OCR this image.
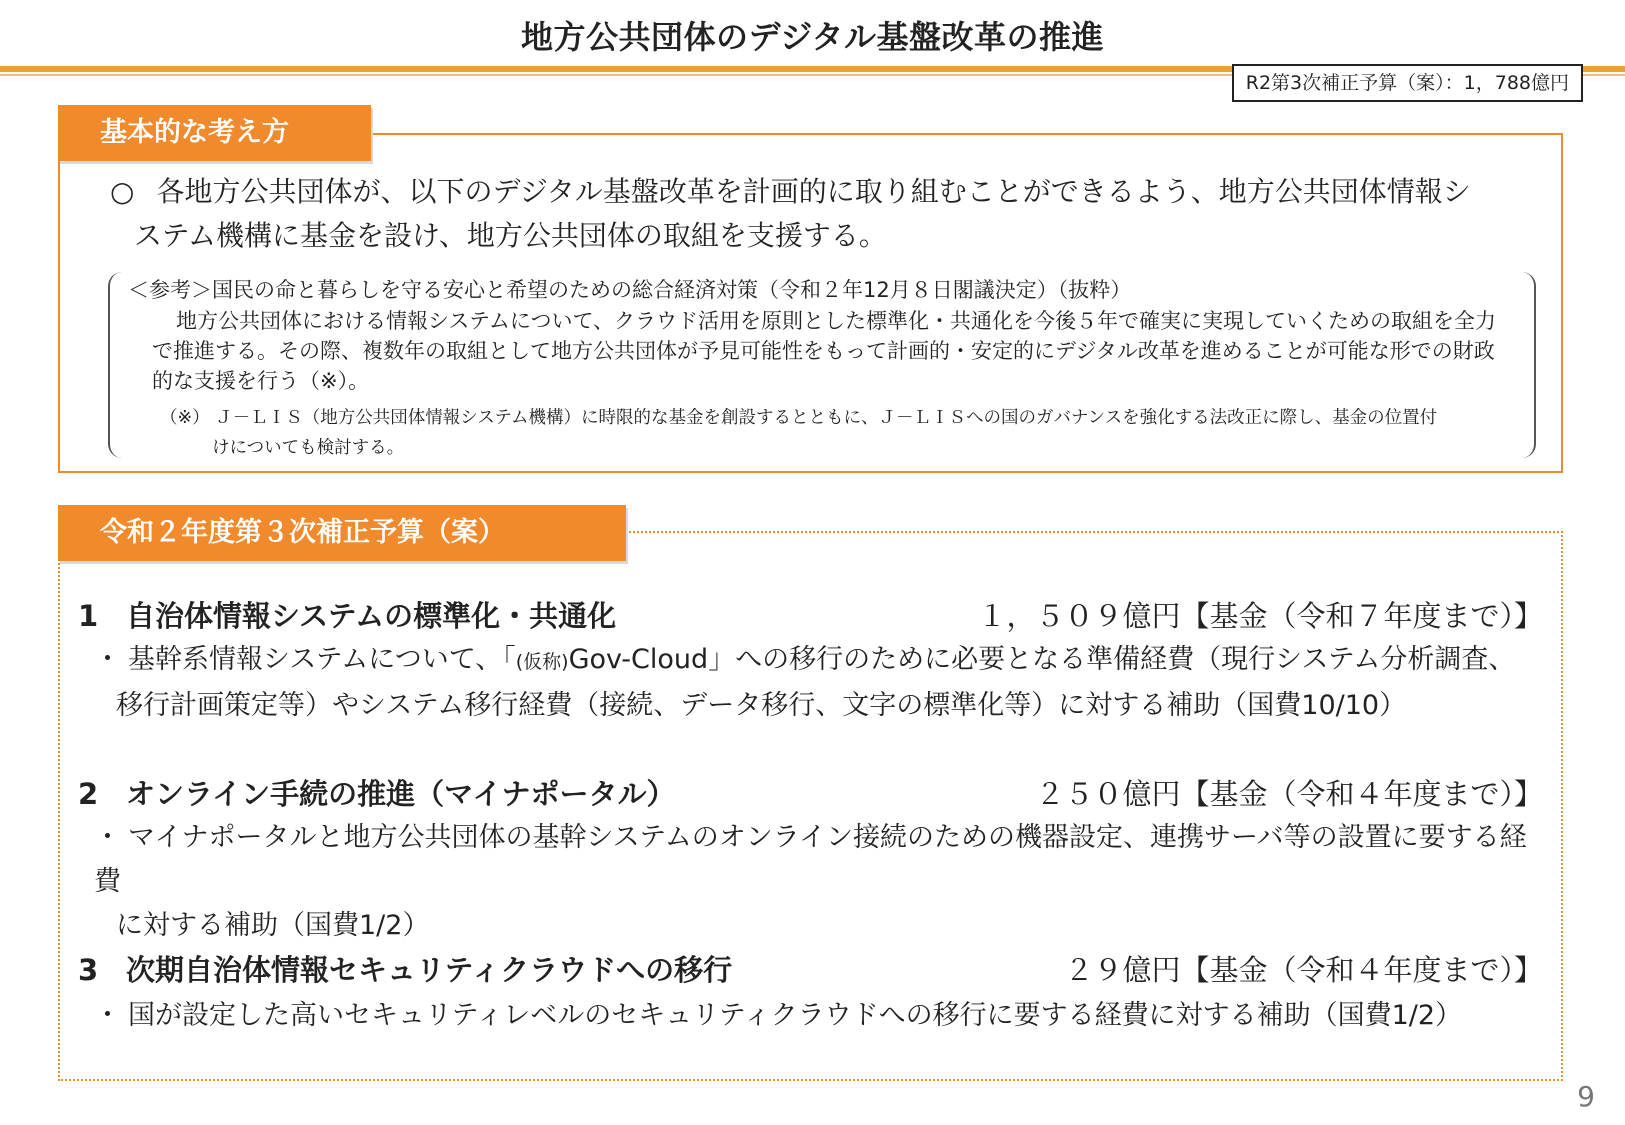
地方公共団体のデジタル基盤改革の推進
R2第3次補正予算（案）：1，788億円
基本的な考え方
○ 各地方公共団体が、以下のデジタル基盤改革を計画的に取り組むことができるよう、地方公共団体情報シ
ステム機構に基金を設け、地方公共団体の取組を支援する。
＜参考＞国民の命と暮らしを守る安心と希望のための総合経済対策（令和２年12月８日閣議決定）（抜粋）
地方公共団体における情報システムについて、クラウド活用を原則とした標準化・共通化を今後５年で確実に実現していくための取組を全力で推進する。その際、複数年の取組として地方公共団体が予見可能性をもって計画的・安定的にデジタル改革を進めることが可能な形での財政的な支援を行う（※）。
（※） Ｊ－ＬＩＳ（地方公共団体情報システム機構）に時限的な基金を創設するとともに、Ｊ－ＬＩＳへの国のガバナンスを強化する法改正に際し、基金の位置付
けについても検討する。
令和２年度第３次補正予算（案）
1 自治体情報システムの標準化・共通化	１，５０９億円【基金（令和７年度まで）】
・ 基幹系情報システムについて、「(仮称)Gov-Cloud」への移行のために必要となる準備経費（現行システム分析調査、
移行計画策定等）やシステム移行経費（接続、データ移行、文字の標準化等）に対する補助（国費10/10）
2 オンライン手続の推進（マイナポータル）	２５０億円【基金（令和４年度まで）】
・ マイナポータルと地方公共団体の基幹システムのオンライン接続のための機器設定、連携サーバ等の設置に要する経費
に対する補助（国費1/2）
3 次期自治体情報セキュリティクラウドへの移行	２９億円【基金（令和４年度まで）】
・ 国が設定した高いセキュリティレベルのセキュリティクラウドへの移行に要する経費に対する補助（国費1/2）
9
